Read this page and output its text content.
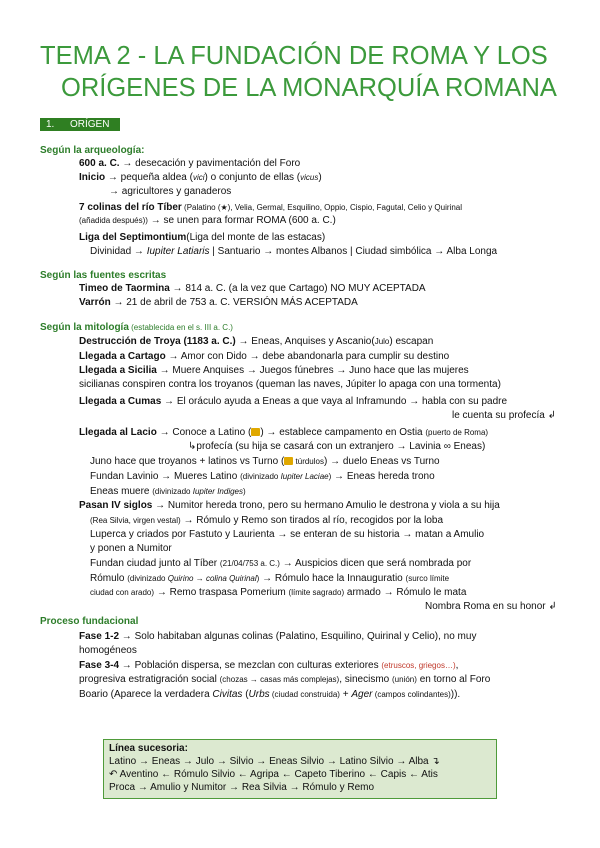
TEMA 2 - LA FUNDACIÓN DE ROMA Y LOS
ORÍGENES DE LA MONARQUÍA ROMANA
1. ORÍGEN
Según la arqueología:
600 a. C. → desecación y pavimentación del Foro
Inicio → pequeña aldea (vici) o conjunto de ellas (vicus)
→ agricultores y ganaderos
7 colinas del río Tíber (Palatino (★), Velia, Germal, Esquilino, Oppio, Cispio, Fagutal, Celio y Quirinal
(añadida después)) → se unen para formar ROMA (600 a. C.)
Liga del Septimontium(Liga del monte de las estacas)
Divinidad → Iupiter Latiaris | Santuario → montes Albanos | Ciudad simbólica → Alba Longa
Según las fuentes escritas
Timeo de Taormina → 814 a. C. (a la vez que Cartago) NO MUY ACEPTADA
Varrón → 21 de abril de 753 a. C. VERSIÓN MÁS ACEPTADA
Según la mitología (establecida en el s. III a. C.)
Destrucción de Troya (1183 a. C.) → Eneas, Anquises y Ascanio(Julo) escapan
Llegada a Cartago → Amor con Dido → debe abandonarla para cumplir su destino
Llegada a Sicilia → Muere Anquises → Juegos fúnebres → Juno hace que las mujeres
sicilianas conspiren contra los troyanos (queman las naves, Júpiter lo apaga con una tormenta)
Llegada a Cumas → El oráculo ayuda a Eneas a que vaya al Inframundo → habla con su padre
le cuenta su profecía ↲
Llegada al Lacio → Conoce a Latino ( ) → establece campamento en Ostia (puerto de Roma)
↳profecía (su hija se casará con un extranjero → Lavinia ∞ Eneas)
Juno hace que troyanos + latinos vs Turno ( túrdulos) → duelo Eneas vs Turno
Fundan Lavinio → Mueres Latino (divinizado Iupiter Laciae) → Eneas hereda trono
Eneas muere (divinizado Iupiter Indiges)
Pasan IV siglos → Numitor hereda trono, pero su hermano Amulio le destrona y viola a su hija
(Rea Silvia, virgen vestal) → Rómulo y Remo son tirados al río, recogidos por la loba
Luperca y criados por Fastuto y Laurienta → se enteran de su historia → matan a Amulio
y ponen a Numitor
Fundan ciudad junto al Tíber (21/04/753 a. C.) → Auspicios dicen que será nombrada por
Rómulo (divinizado Quirino → colina Quirinal) → Rómulo hace la Innauguratio (surco límite
ciudad con arado) → Remo traspasa Pomerium (límite sagrado) armado → Rómulo le mata
Nombra Roma en su honor ↲
Proceso fundacional
Fase 1-2 → Solo habitaban algunas colinas (Palatino, Esquilino, Quirinal y Celio), no muy
homogéneos
Fase 3-4 → Población dispersa, se mezclan con culturas exteriores (etruscos, griegos…),
progresiva estratigración social (chozas → casas más complejas), sinecismo (unión) en torno al Foro
Boario (Aparece la verdadera Civitas (Urbs (ciudad construida) + Ager (campos colindantes))).
Línea sucesoria:
Latino → Eneas → Julo → Silvio → Eneas Silvio → Latino Silvio → Alba ↴
↶ Aventino ← Rómulo Silvio ← Agripa ← Capeto Tiberino ← Capis ← Atis
Proca → Amulio y Numitor → Rea Silvia → Rómulo y Remo
